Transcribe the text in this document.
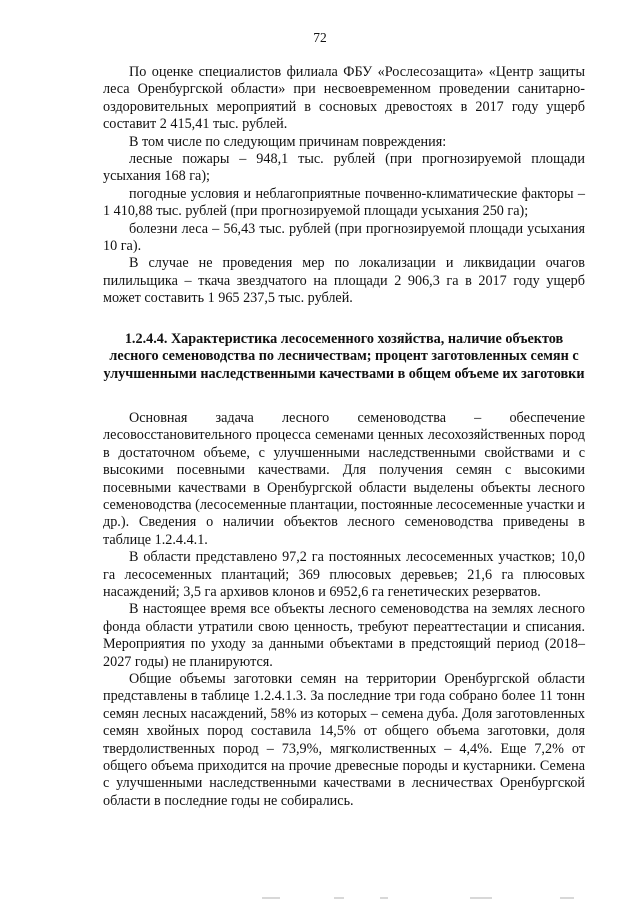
72

По оценке специалистов филиала ФБУ «Рослесозащита» «Центр защиты леса Оренбургской области» при несвоевременном проведении санитарно-оздоровительных мероприятий в сосновых древостоях в 2017 году ущерб составит 2 415,41 тыс. рублей.

В том числе по следующим причинам повреждения:

лесные пожары – 948,1 тыс. рублей (при прогнозируемой площади усыхания 168 га);

погодные условия и неблагоприятные почвенно-климатические факторы – 1 410,88 тыс. рублей (при прогнозируемой площади усыхания 250 га);

болезни леса – 56,43 тыс. рублей (при прогнозируемой площади усыхания 10 га).

В случае не проведения мер по локализации и ликвидации очагов пилильщика – ткача звездчатого на площади 2 906,3 га в 2017 году ущерб может составить 1 965 237,5 тыс. рублей.

1.2.4.4. Характеристика лесосеменного хозяйства, наличие объектов лесного семеноводства по лесничествам; процент заготовленных семян с улучшенными наследственными качествами в общем объеме их заготовки

Основная задача лесного семеноводства – обеспечение лесовосстановительного процесса семенами ценных лесохозяйственных пород в достаточном объеме, с улучшенными наследственными свойствами и с высокими посевными качествами. Для получения семян с высокими посевными качествами в Оренбургской области выделены объекты лесного семеноводства (лесосеменные плантации, постоянные лесосеменные участки и др.). Сведения о наличии объектов лесного семеноводства приведены в таблице 1.2.4.4.1.

В области представлено 97,2 га постоянных лесосеменных участков; 10,0 га лесосеменных плантаций; 369 плюсовых деревьев; 21,6 га плюсовых насаждений; 3,5 га архивов клонов и 6952,6 га генетических резерватов.

В настоящее время все объекты лесного семеноводства на землях лесного фонда области утратили свою ценность, требуют переаттестации и списания. Мероприятия по уходу за данными объектами в предстоящий период (2018–2027 годы) не планируются.

Общие объемы заготовки семян на территории Оренбургской области представлены в таблице 1.2.4.1.3. За последние три года собрано более 11 тонн семян лесных насаждений, 58% из которых – семена дуба. Доля заготовленных семян хвойных пород составила 14,5% от общего объема заготовки, доля твердолиственных пород – 73,9%, мягколиственных – 4,4%. Еще 7,2% от общего объема приходится на прочие древесные породы и кустарники. Семена с улучшенными наследственными качествами в лесничествах Оренбургской области в последние годы не собирались.
